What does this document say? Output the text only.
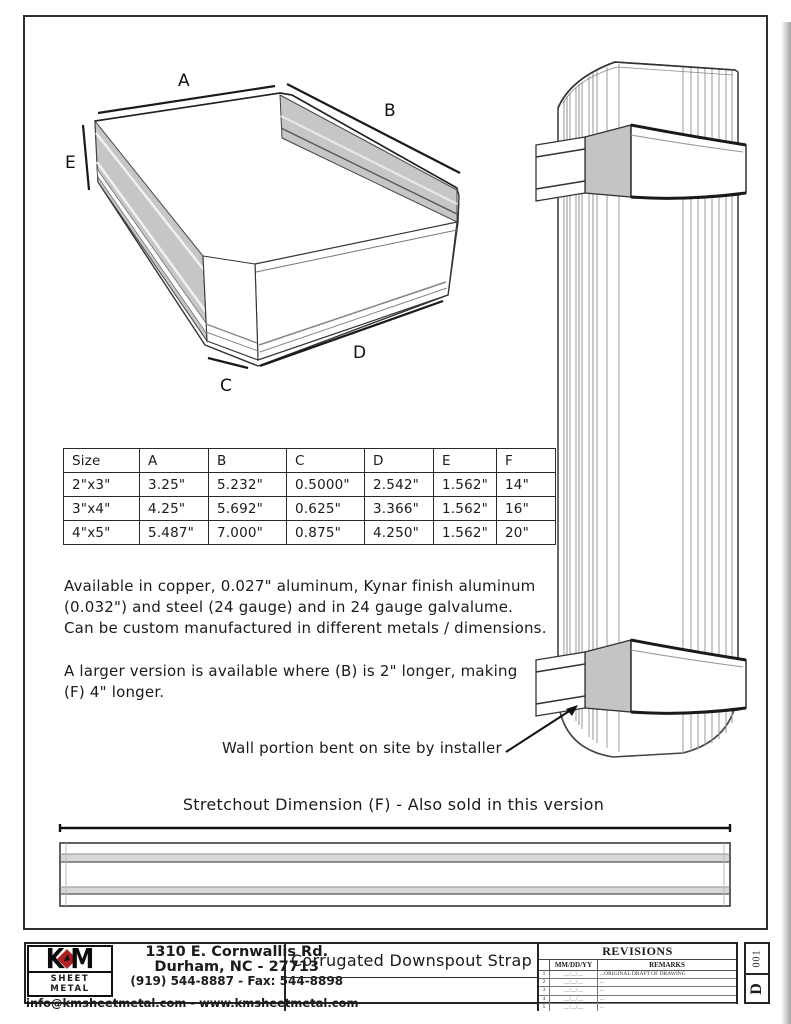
A
B
E
C
D
Size	A	B	C	D	E	F
2"x3"	3.25"	5.232"	0.5000"	2.542"	1.562"	14"
3"x4"	4.25"	5.692"	0.625"	3.366"	1.562"	16"
4"x5"	5.487"	7.000"	0.875"	4.250"	1.562"	20"
Available in copper, 0.027" aluminum, Kynar finish aluminum
(0.032") and steel (24 gauge) and in 24 gauge galvalume.
Can be custom manufactured in different metals / dimensions.
A larger version is available where (B) is 2" longer, making
(F) 4" longer.
Wall portion bent on site by installer
Stretchout Dimension (F) - Also sold in this version
K M
SHEET METAL
1310 E. Cornwallis Rd.
Durham, NC - 27713
(919) 544-8887 - Fax: 544-8898
info@kmsheetmetal.com - www.kmsheetmetal.com
Corrugated Downspout Strap	REVISIONS
MM/DD/YY	REMARKS
1	__/__/__	...ORIGINAL DRAFT OF DRAWING
2	__/__/__	...
3	__/__/__	...
4	__/__/__	...
5	__/__/__	...
001
D
